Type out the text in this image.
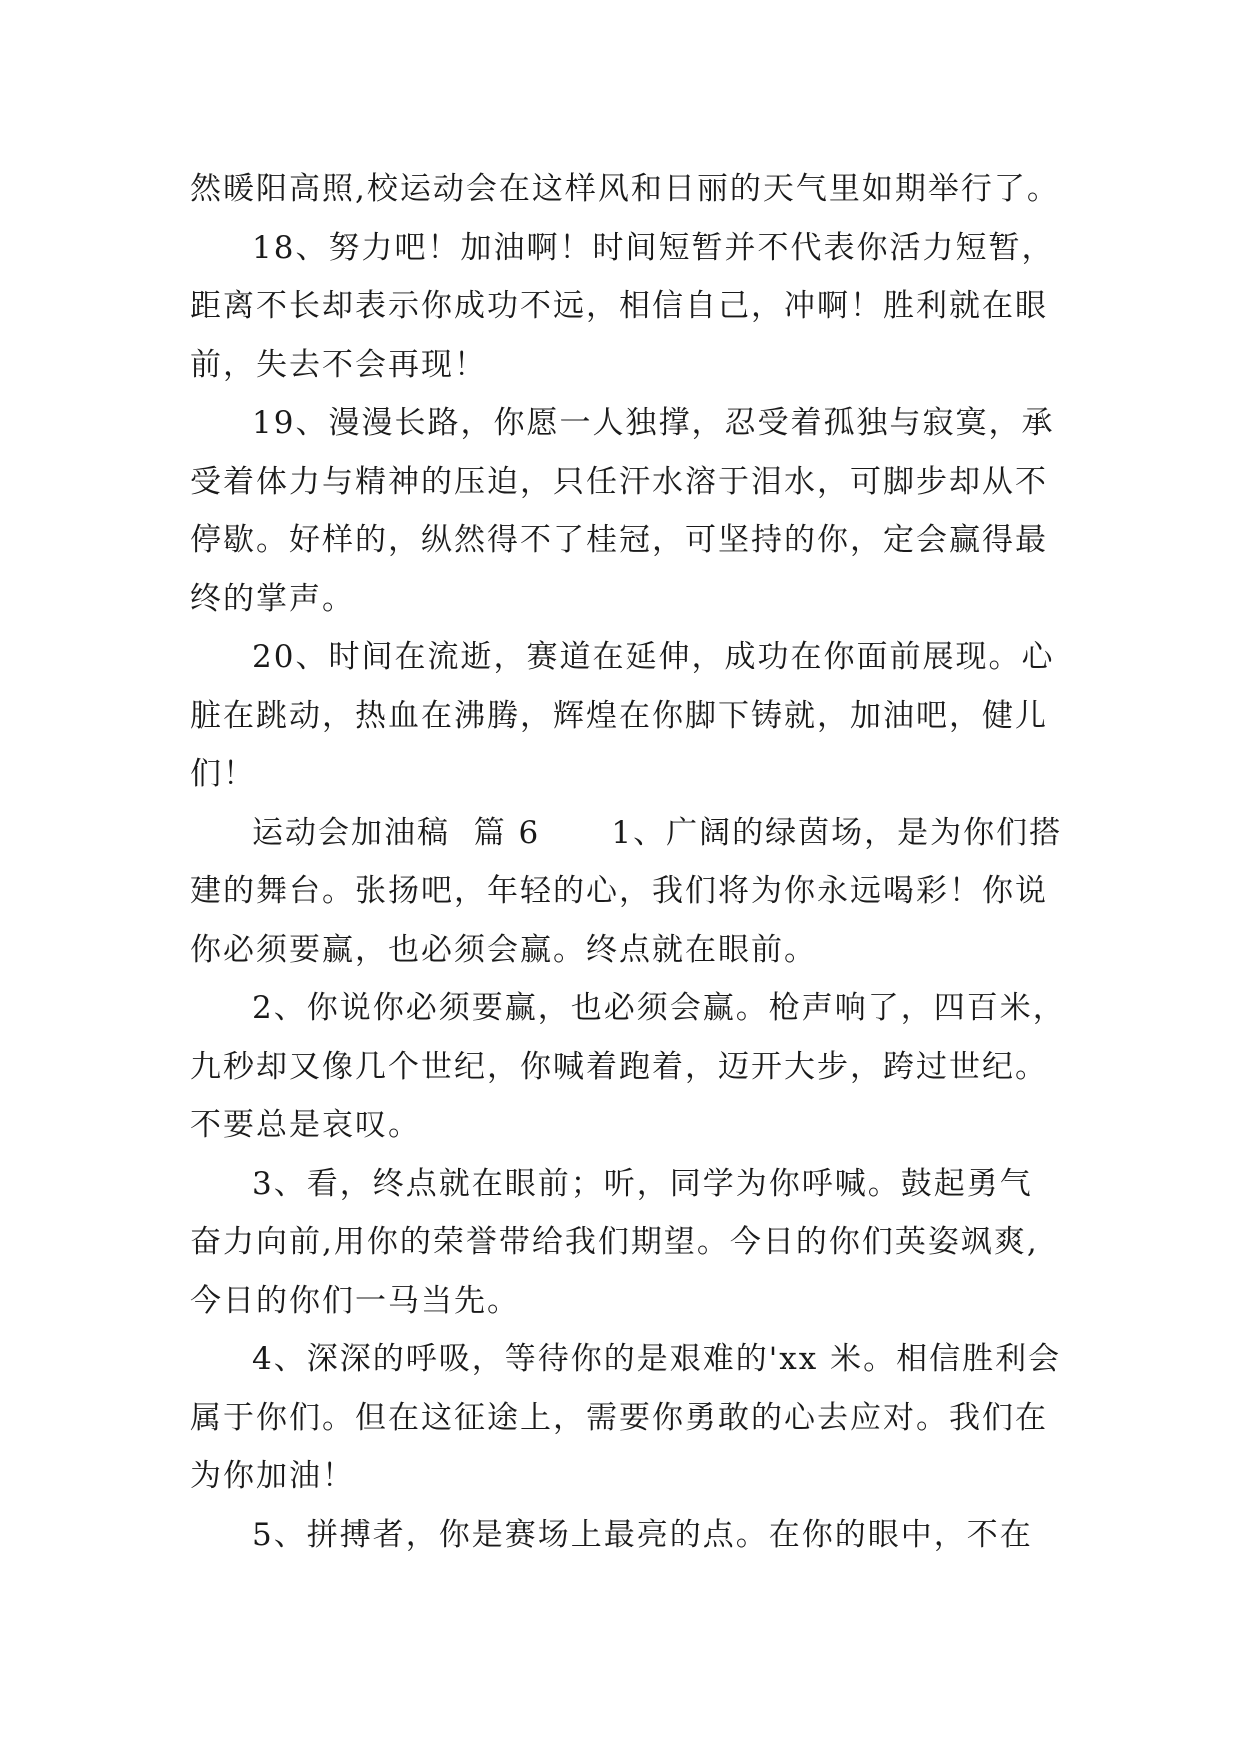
然暖阳高照,校运动会在这样风和日丽的天气里如期举行了。
18、努力吧！加油啊！时间短暂并不代表你活力短暂，
距离不长却表示你成功不远，相信自己，冲啊！胜利就在眼
前，失去不会再现！
19、漫漫长路，你愿一人独撑，忍受着孤独与寂寞，承
受着体力与精神的压迫，只任汗水溶于泪水，可脚步却从不
停歇。好样的，纵然得不了桂冠，可坚持的你，定会赢得最
终的掌声。
20、时间在流逝，赛道在延伸，成功在你面前展现。心
脏在跳动，热血在沸腾，辉煌在你脚下铸就，加油吧，健儿
们！
运动会加油稿  篇 6      1、广阔的绿茵场，是为你们搭
建的舞台。张扬吧，年轻的心，我们将为你永远喝彩！你说
你必须要赢，也必须会赢。终点就在眼前。
2、你说你必须要赢，也必须会赢。枪声响了，四百米，
九秒却又像几个世纪，你喊着跑着，迈开大步，跨过世纪。
不要总是哀叹。
3、看，终点就在眼前；听，同学为你呼喊。鼓起勇气
奋力向前,用你的荣誉带给我们期望。今日的你们英姿飒爽,
今日的你们一马当先。
4、深深的呼吸，等待你的是艰难的'xx 米。相信胜利会
属于你们。但在这征途上，需要你勇敢的心去应对。我们在
为你加油！
5、拼搏者，你是赛场上最亮的点。在你的眼中，不在
